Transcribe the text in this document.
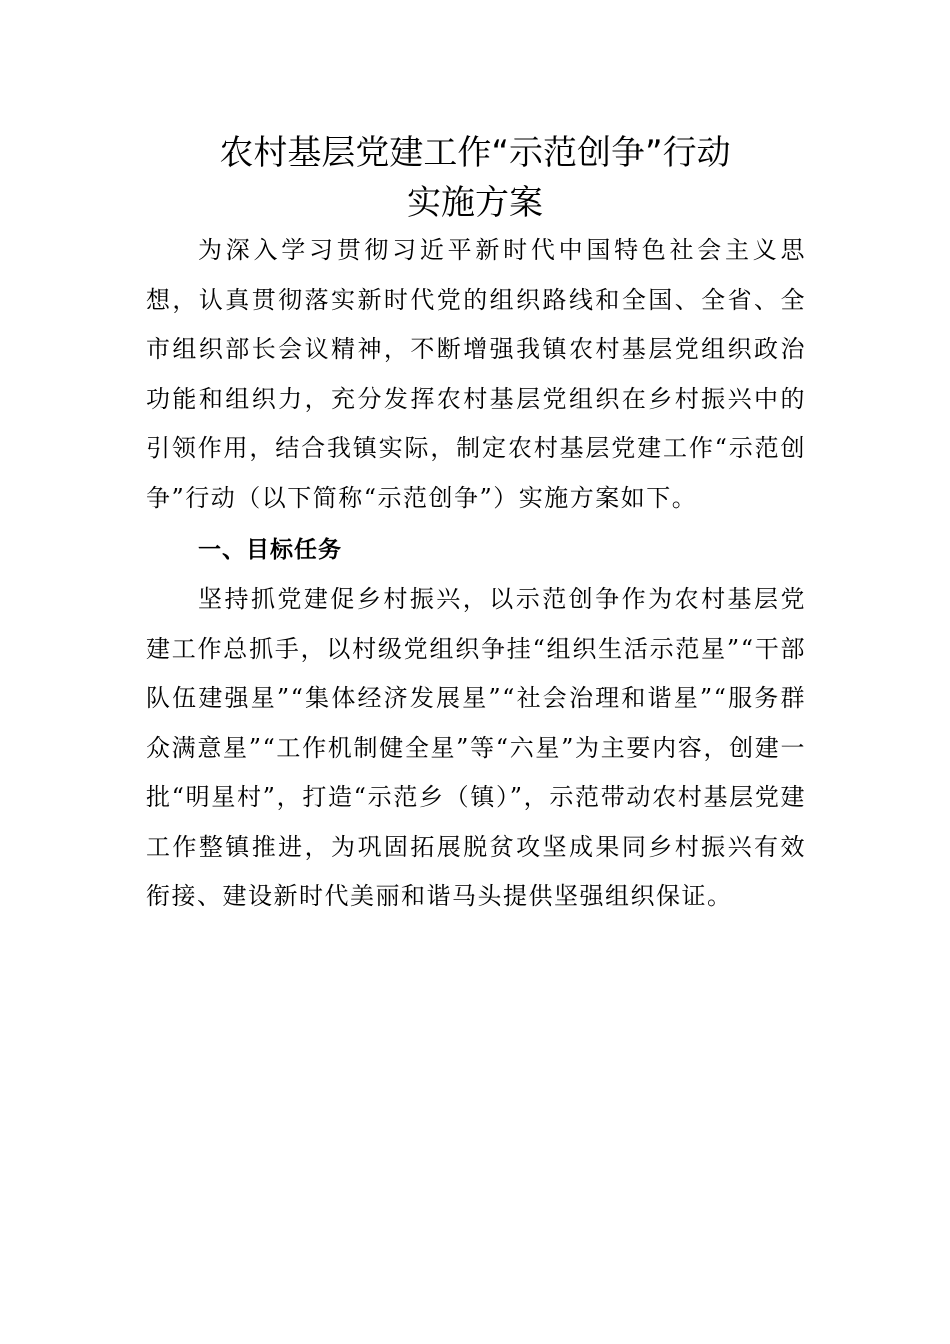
农村基层党建工作“示范创争”行动
实施方案

为深入学习贯彻习近平新时代中国特色社会主义思想，认真贯彻落实新时代党的组织路线和全国、全省、全市组织部长会议精神，不断增强我镇农村基层党组织政治功能和组织力，充分发挥农村基层党组织在乡村振兴中的引领作用，结合我镇实际，制定农村基层党建工作“示范创争”行动（以下简称“示范创争”）实施方案如下。

一、目标任务

坚持抓党建促乡村振兴，以示范创争作为农村基层党建工作总抓手，以村级党组织争挂“组织生活示范星”“干部队伍建强星”“集体经济发展星”“社会治理和谐星”“服务群众满意星”“工作机制健全星”等“六星”为主要内容，创建一批“明星村”，打造“示范乡（镇）”，示范带动农村基层党建工作整镇推进，为巩固拓展脱贫攻坚成果同乡村振兴有效衔接、建设新时代美丽和谐马头提供坚强组织保证。
